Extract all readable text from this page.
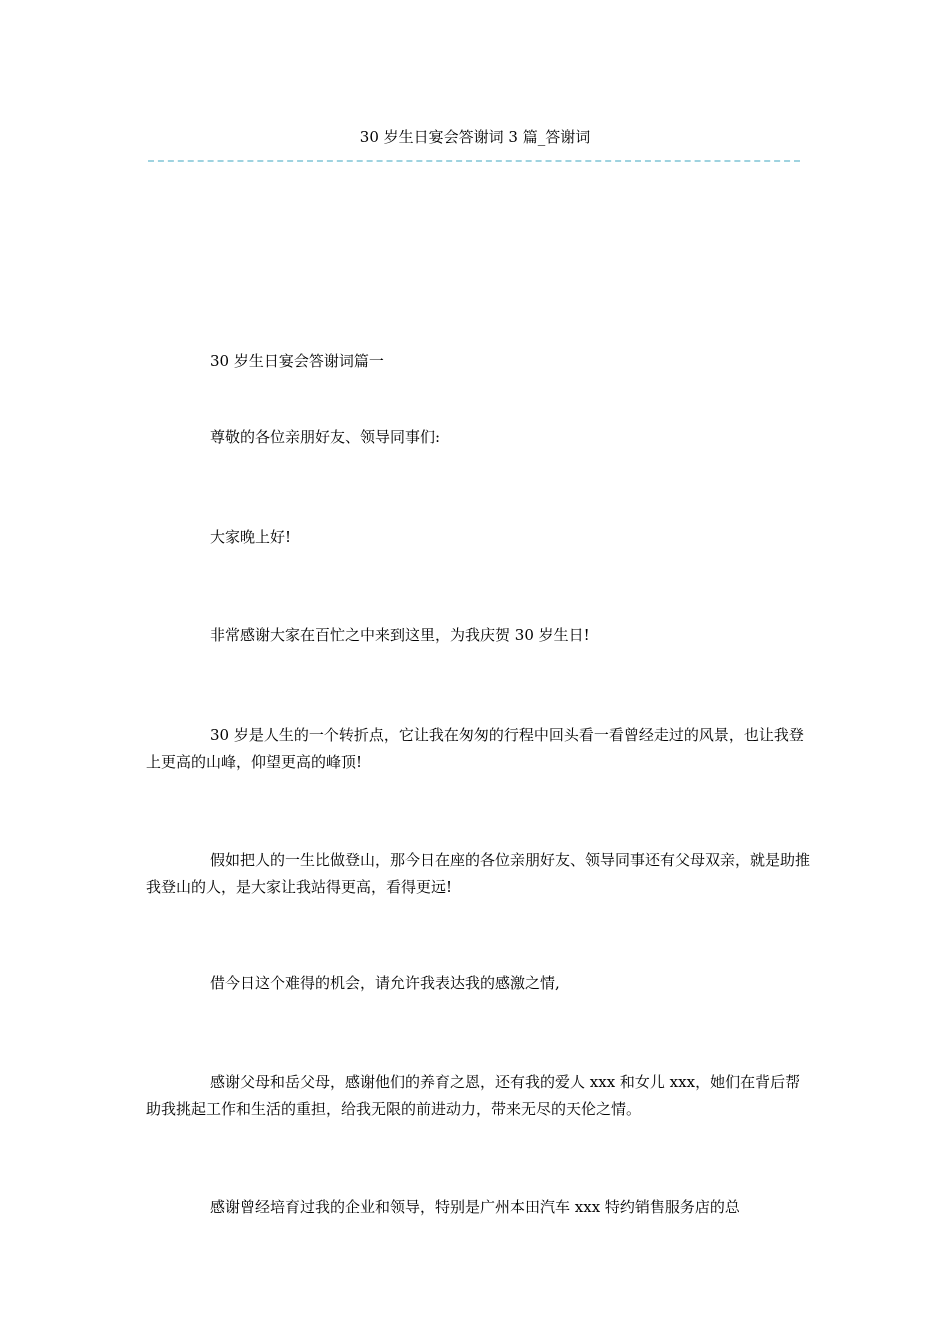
30 岁生日宴会答谢词 3 篇_答谢词

30 岁生日宴会答谢词篇一

尊敬的各位亲朋好友、领导同事们:

大家晚上好!

非常感谢大家在百忙之中来到这里，为我庆贺 30 岁生日!

30 岁是人生的一个转折点，它让我在匆匆的行程中回头看一看曾经走过的风景，也让我登上更高的山峰，仰望更高的峰顶!

假如把人的一生比做登山，那今日在座的各位亲朋好友、领导同事还有父母双亲，就是助推我登山的人，是大家让我站得更高，看得更远!

借今日这个难得的机会，请允许我表达我的感激之情,

感谢父母和岳父母，感谢他们的养育之恩，还有我的爱人 xxx 和女儿 xxx，她们在背后帮助我挑起工作和生活的重担，给我无限的前进动力，带来无尽的天伦之情。

感谢曾经培育过我的企业和领导，特别是广州本田汽车 xxx 特约销售服务店的总
